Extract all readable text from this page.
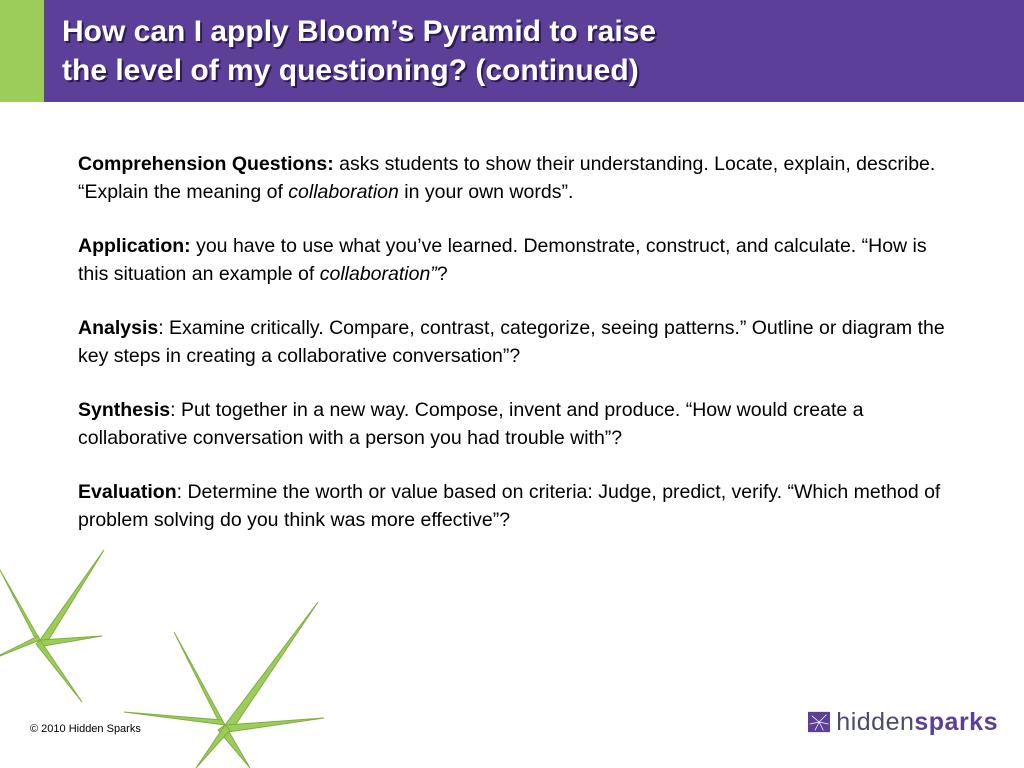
How can I apply Bloom’s Pyramid to raise
the level of my questioning? (continued)

Comprehension Questions: asks students to show their understanding. Locate, explain, describe. “Explain the meaning of collaboration in your own words”.

Application: you have to use what you’ve learned. Demonstrate, construct, and calculate. “How is this situation an example of collaboration”?

Analysis: Examine critically. Compare, contrast, categorize, seeing patterns.” Outline or diagram the key steps in creating a collaborative conversation”?

Synthesis: Put together in a new way. Compose, invent and produce. “How would create a collaborative conversation with a person you had trouble with”?

Evaluation: Determine the worth or value based on criteria: Judge, predict, verify. “Which method of problem solving do you think was more effective”?

© 2010 Hidden Sparks	hiddensparks
